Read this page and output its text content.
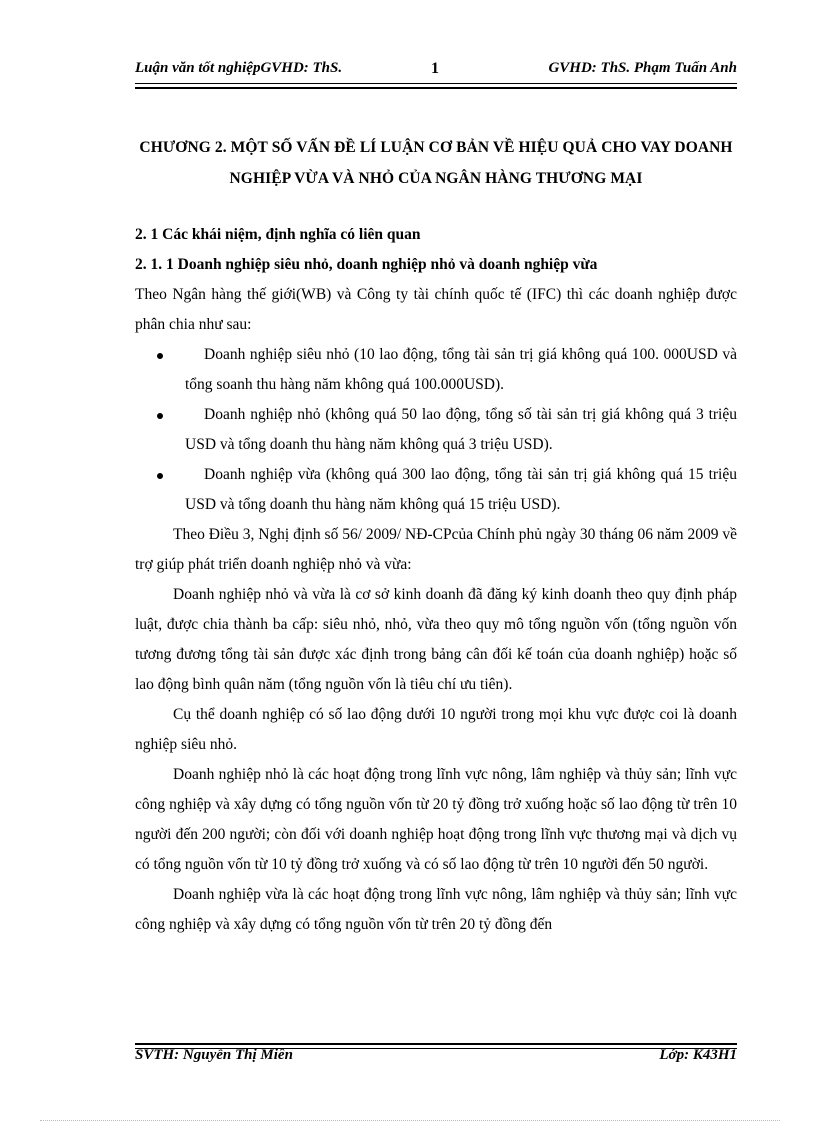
Luận văn tốt nghiệpGVHD: ThS.	1	GVHD: ThS. Phạm Tuấn Anh
CHƯƠNG 2. MỘT SỐ VẤN ĐỀ LÍ LUẬN CƠ BẢN VỀ HIỆU QUẢ CHO VAY DOANH NGHIỆP VỪA VÀ NHỎ CỦA NGÂN HÀNG THƯƠNG MẠI

2. 1 Các khái niệm, định nghĩa có liên quan

2. 1. 1 Doanh nghiệp siêu nhỏ, doanh nghiệp nhỏ và doanh nghiệp vừa

Theo Ngân hàng thế giới(WB) và Công ty tài chính quốc tế (IFC) thì các doanh nghiệp được phân chia như sau:

Doanh nghiệp siêu nhỏ (10 lao động, tổng tài sản trị giá không quá 100. 000USD và tổng soanh thu hàng năm không quá 100.000USD).
Doanh nghiệp nhỏ (không quá 50 lao động, tổng số tài sản trị giá không quá 3 triệu USD và tổng doanh thu hàng năm không quá 3 triệu USD).
Doanh nghiệp vừa (không quá 300 lao động, tổng tài sản trị giá không quá 15 triệu USD và tổng doanh thu hàng năm không quá 15 triệu USD).

Theo Điều 3, Nghị định số 56/ 2009/ NĐ-CPcủa Chính phủ ngày 30 tháng 06 năm 2009 về trợ giúp phát triển doanh nghiệp nhỏ và vừa:

Doanh nghiệp nhỏ và vừa là cơ sở kinh doanh đã đăng ký kinh doanh theo quy định pháp luật, được chia thành ba cấp: siêu nhỏ, nhỏ, vừa theo quy mô tổng nguồn vốn (tổng nguồn vốn tương đương tổng tài sản được xác định trong bảng cân đối kế toán của doanh nghiệp) hoặc số lao động bình quân năm (tổng nguồn vốn là tiêu chí ưu tiên).

Cụ thể doanh nghiệp có số lao động dưới 10 người trong mọi khu vực được coi là doanh nghiệp siêu nhỏ.

Doanh nghiệp nhỏ là các hoạt động trong lĩnh vực nông, lâm nghiệp và thủy sản; lĩnh vực công nghiệp và xây dựng có tổng nguồn vốn từ 20 tỷ đồng trở xuống hoặc số lao động từ trên 10 người đến 200 người; còn đối với doanh nghiệp hoạt động trong lĩnh vực thương mại và dịch vụ có tổng nguồn vốn từ 10 tỷ đồng trở xuống và có số lao động từ trên 10 người đến 50 người.

Doanh nghiệp vừa là các hoạt động trong lĩnh vực nông, lâm nghiệp và thủy sản; lĩnh vực công nghiệp và xây dựng có tổng nguồn vốn từ trên 20 tỷ đồng đến

SVTH: Nguyễn Thị Miền	Lớp: K43H1
